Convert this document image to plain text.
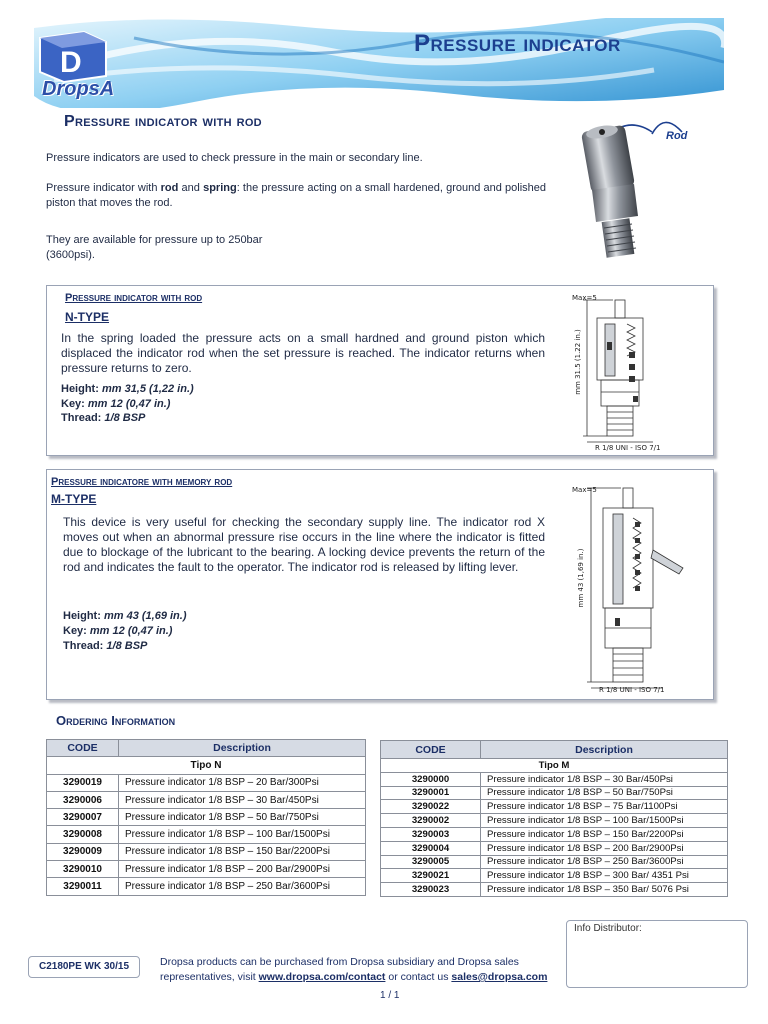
Pressure indicator
D
DropsA
Pressure indicator with rod
Pressure indicators are used to check pressure in the main or secondary line.
Pressure indicator with rod and spring: the pressure acting on a small hardened, ground and polished piston that moves the rod.
They are available for pressure up to 250bar
(3600psi).
Rod
Pressure indicator with rod
N-TYPE
In the spring loaded the pressure acts on a small hardned and ground piston which displaced the indicator rod when the set pressure is reached. The indicator returns when pressure returns to zero.
Height: mm 31,5 (1,22 in.)
Key: mm 12 (0,47 in.)
Thread: 1/8 BSP
Max=5
mm 31.5 (1.22 in.)
R 1/8 UNI - ISO 7/1
Pressure indicatore with memory rod
M-TYPE
This device is very useful for checking the secondary supply line. The indicator rod X moves out when an abnormal pressure rise occurs in the line where the indicator is fitted due to blockage of the lubricant to the bearing. A locking device prevents the return of the rod and indicates the fault to the operator. The indicator rod is released by lifting lever.
Height: mm 43 (1,69 in.)
Key: mm 12 (0,47 in.)
Thread: 1/8 BSP
Max=5
mm 43 (1,69 in.)
R 1/8 UNI - ISO 7/1
Ordering Information
CODE	Description
Tipo N	
3290019	Pressure indicator 1/8 BSP – 20 Bar/300Psi
3290006	Pressure indicator 1/8 BSP – 30 Bar/450Psi
3290007	Pressure indicator 1/8 BSP – 50 Bar/750Psi
3290008	Pressure indicator 1/8 BSP – 100 Bar/1500Psi
3290009	Pressure indicator 1/8 BSP – 150 Bar/2200Psi
3290010	Pressure indicator 1/8 BSP – 200 Bar/2900Psi
3290011	Pressure indicator 1/8 BSP – 250 Bar/3600Psi
CODE	Description
Tipo M	
3290000	Pressure indicator 1/8 BSP – 30 Bar/450Psi
3290001	Pressure indicator 1/8 BSP – 50 Bar/750Psi
3290022	Pressure indicator 1/8 BSP – 75 Bar/1100Psi
3290002	Pressure indicator 1/8 BSP – 100 Bar/1500Psi
3290003	Pressure indicator 1/8 BSP – 150 Bar/2200Psi
3290004	Pressure indicator 1/8 BSP – 200 Bar/2900Psi
3290005	Pressure indicator 1/8 BSP – 250 Bar/3600Psi
3290021	Pressure indicator 1/8 BSP – 300 Bar/ 4351 Psi
3290023	Pressure indicator 1/8 BSP – 350 Bar/ 5076 Psi
Info Distributor:
C2180PE WK 30/15	Dropsa products can be purchased from Dropsa subsidiary and Dropsa sales
representatives, visit www.dropsa.com/contact or contact us sales@dropsa.com
1 / 1
